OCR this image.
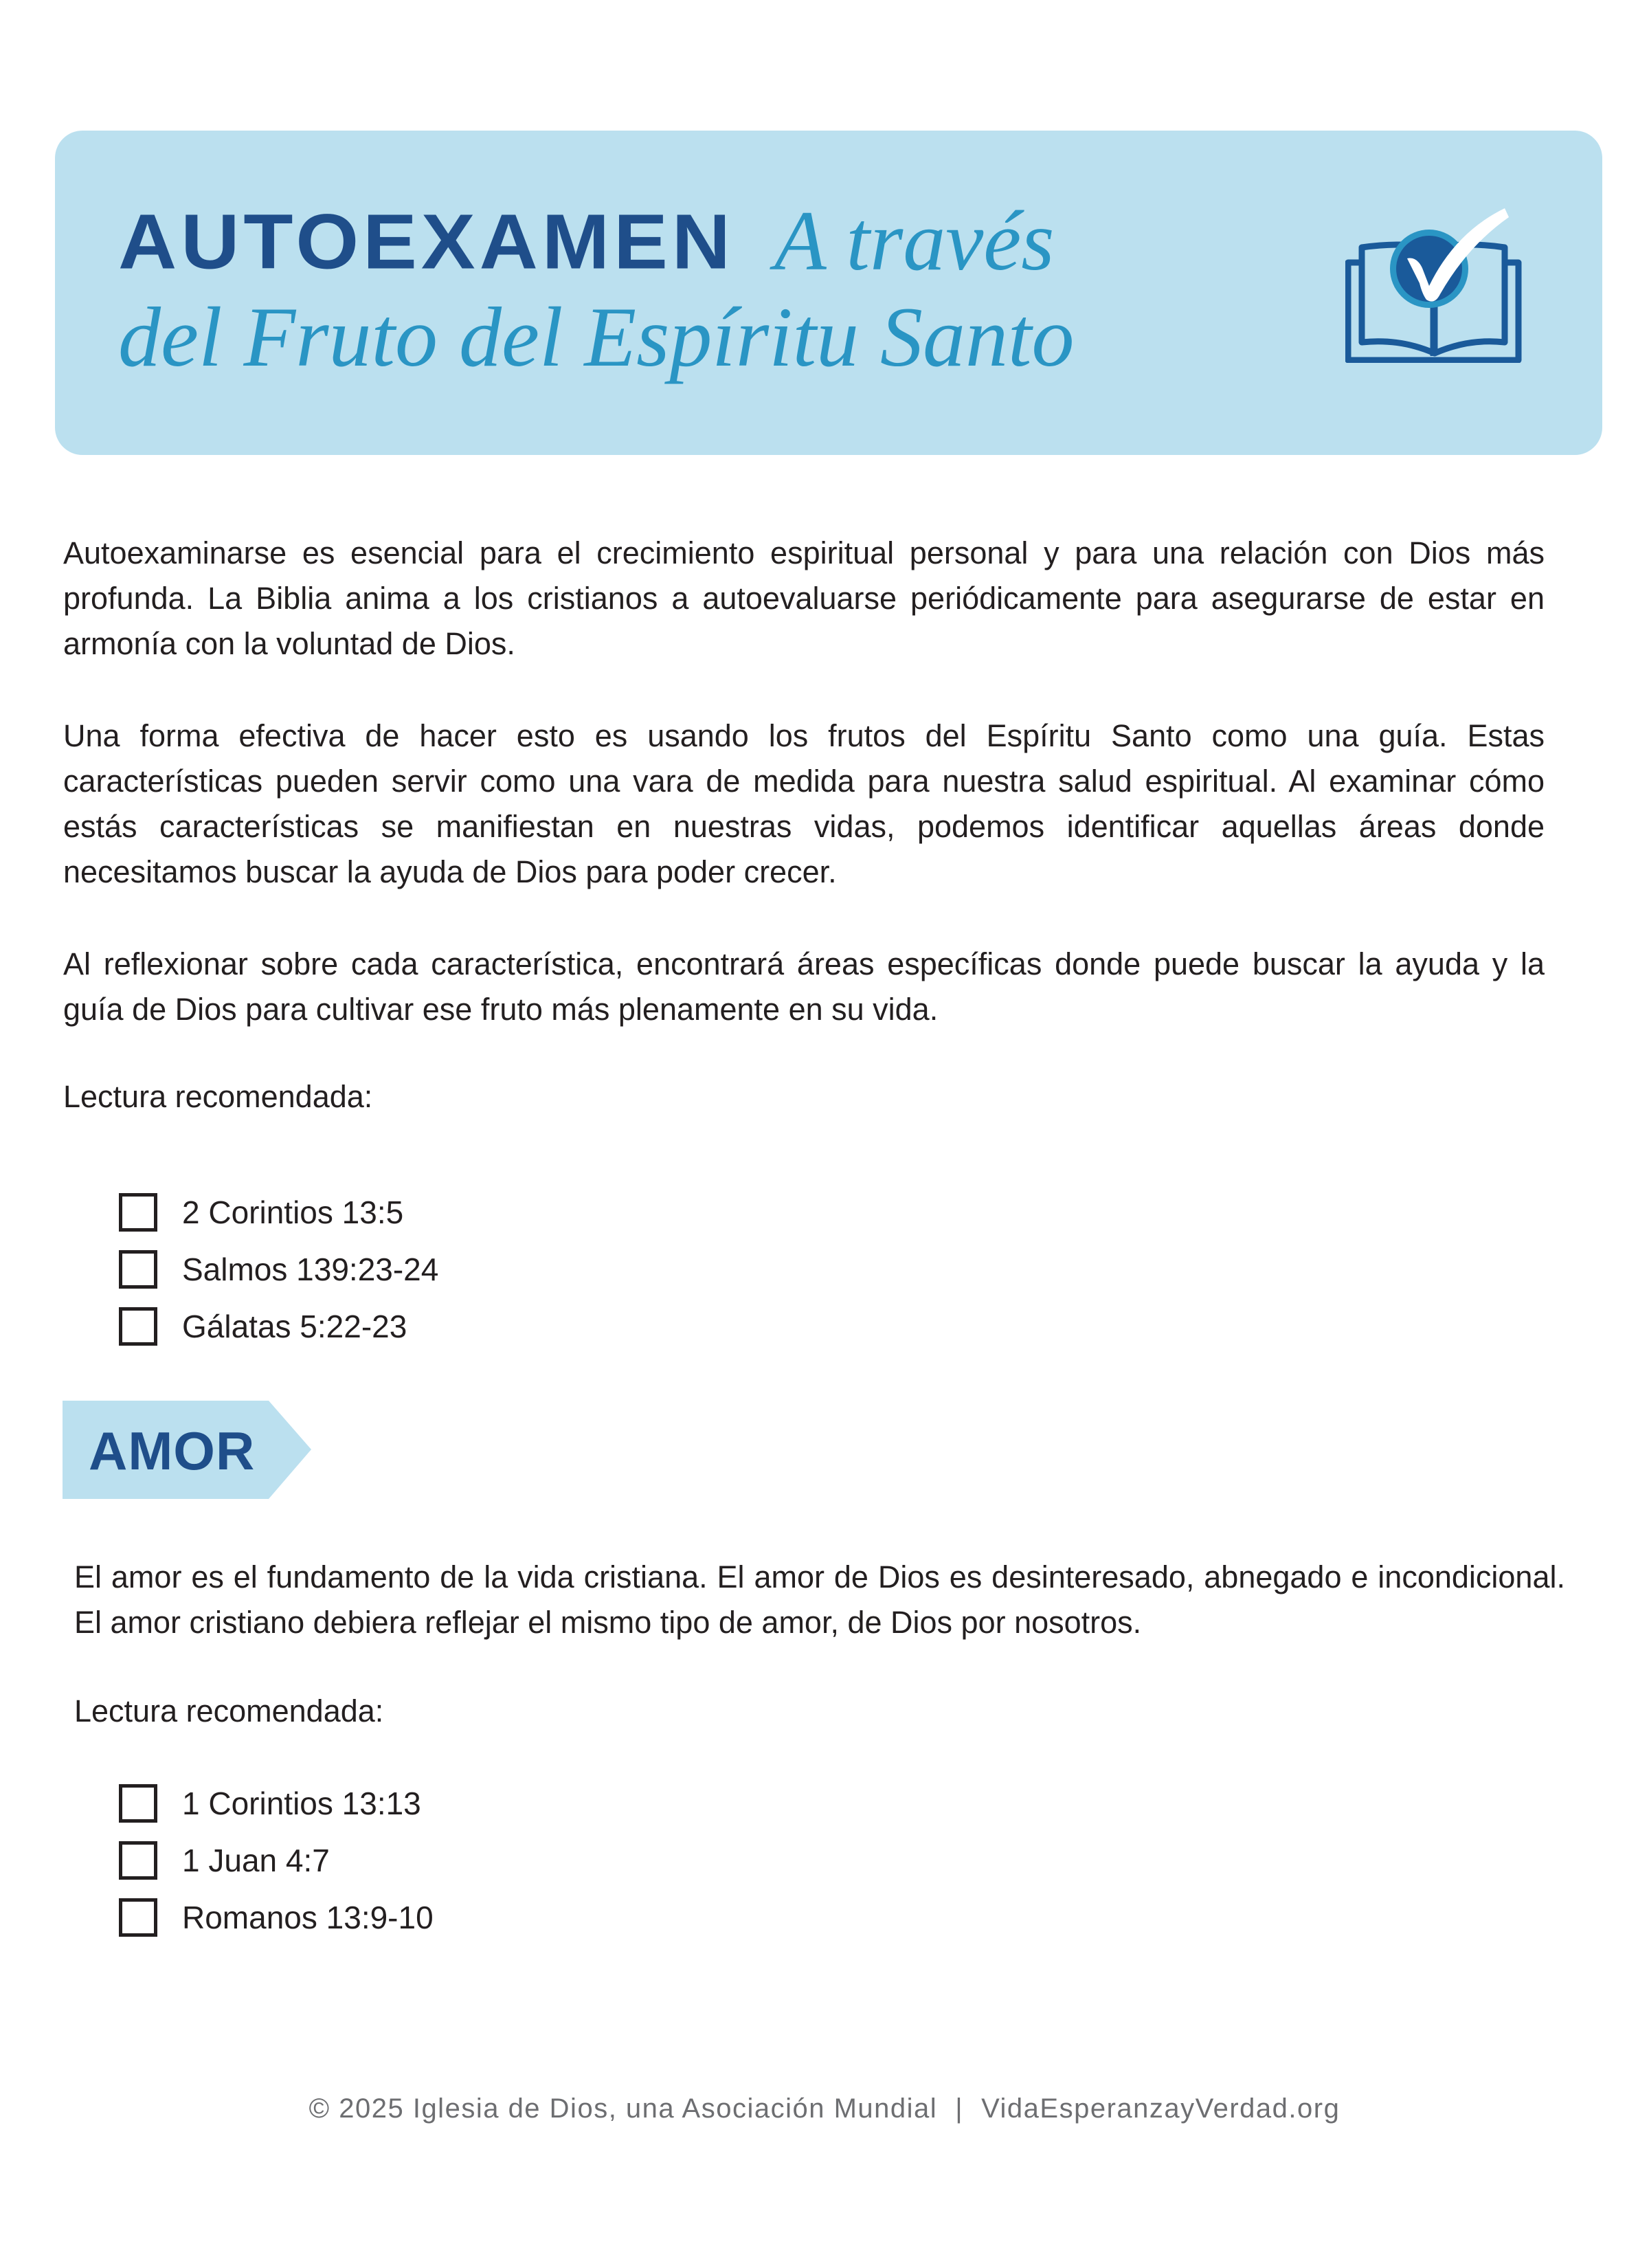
AUTOEXAMEN A través
del Fruto del Espíritu Santo
Autoexaminarse es esencial para el crecimiento espiritual personal y para una relación con Dios más profunda. La Biblia anima a los cristianos a autoevaluarse periódicamente para asegurarse de estar en armonía con la voluntad de Dios.
Una forma efectiva de hacer esto es usando los frutos del Espíritu Santo como una guía. Estas características pueden servir como una vara de medida para nuestra salud espiritual. Al examinar cómo estás características se manifiestan en nuestras vidas, podemos identificar aquellas áreas donde necesitamos buscar la ayuda de Dios para poder crecer.
Al reflexionar sobre cada característica, encontrará áreas específicas donde puede buscar la ayuda y la guía de Dios para cultivar ese fruto más plenamente en su vida.
Lectura recomendada:
2 Corintios 13:5
Salmos 139:23-24
Gálatas 5:22-23
AMOR
El amor es el fundamento de la vida cristiana. El amor de Dios es desinteresado, abnegado e incondicional. El amor cristiano debiera reflejar el mismo tipo de amor, de Dios por nosotros.
Lectura recomendada:
1 Corintios 13:13
1 Juan 4:7
Romanos 13:9-10
© 2025 Iglesia de Dios, una Asociación Mundial | VidaEsperanzayVerdad.org
